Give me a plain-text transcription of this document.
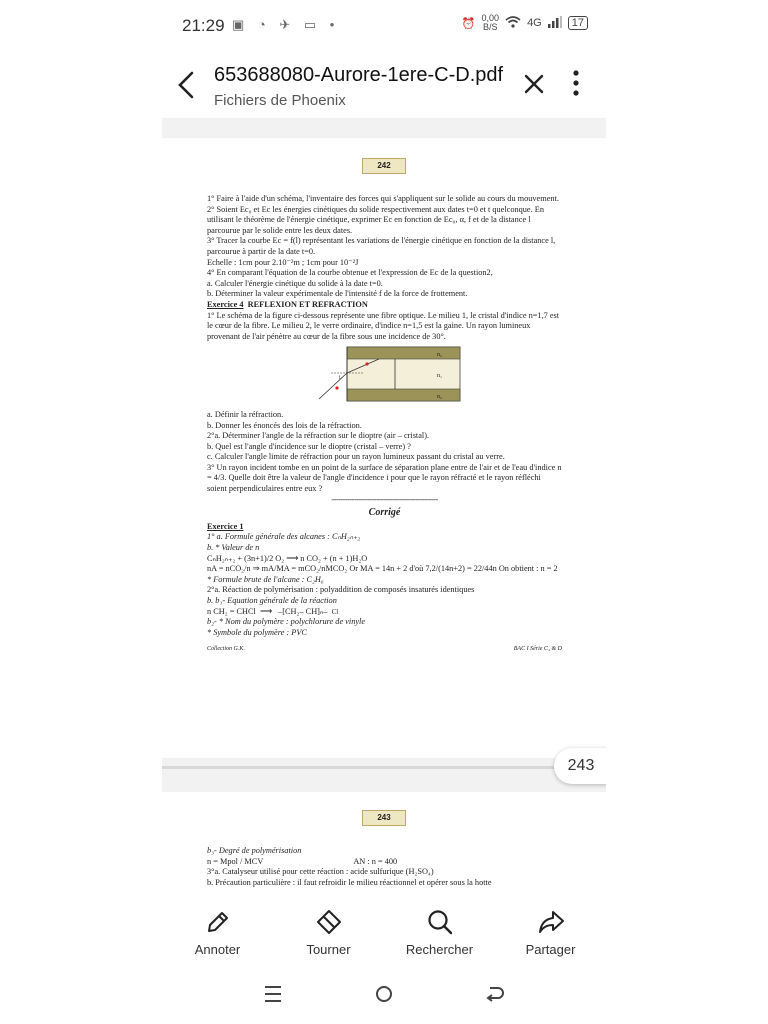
21:29 ▣ ◔ ✈ ▭ •	⏰ 0,00
B/S	4G	17
653688080-Aurore-1ere-C-D.pdf
Fichiers de Phoenix
242

1° Faire à l'aide d'un schéma, l'inventaire des forces qui s'appliquent sur le solide au cours du mouvement.

2° Soient Ec₀ et Ec les énergies cinétiques du solide respectivement aux dates t=0 et t quelconque. En utilisant le théorème de l'énergie cinétique, exprimer Ec en fonction de Ec₀, α, f et de la distance l parcourue par le solide entre les deux dates.

3° Tracer la courbe Ec = f(l) représentant les variations de l'énergie cinétique en fonction de la distance l, parcourue à partir de la date t=0.

Echelle : 1cm pour 2.10⁻²m ; 1cm pour 10⁻²J

4° En comparant l'équation de la courbe obtenue et l'expression de Ec de la question2,

a. Calculer l'énergie cinétique du solide à la date t=0.

b. Déterminer la valeur expérimentale de l'intensité f de la force de frottement.

Exercice 4 REFLEXION ET REFRACTION

1° Le schéma de la figure ci-dessous représente une fibre optique. Le milieu 1, le cristal d'indice n=1,7 est le cœur de la fibre. Le milieu 2, le verre ordinaire, d'indice n=1,5 est la gaine. Un rayon lumineux provenant de l'air pénètre au cœur de la fibre sous une incidence de 30°.

i
n₂
n₁
n₂

a. Définir la réfraction.

b. Donner les énoncés des lois de la réfraction.

2°a. Déterminer l'angle de la réfraction sur le dioptre (air – cristal).

b. Quel est l'angle d'incidence sur le dioptre (cristal – verre) ?

c. Calculer l'angle limite de réfraction pour un rayon lumineux passant du cristal au verre.

3° Un rayon incident tombe en un point de la surface de séparation plane entre de l'air et de l'eau d'indice n = 4/3. Quelle doit être la valeur de l'angle d'incidence i pour que le rayon réfracté et le rayon réfléchi soient perpendiculaires entre eux ?

-----------------------------------------------

Corrigé

Exercice 1

1° a. Formule générale des alcanes : CₙH₂ₙ₊₂

b. * Valeur de n

CₙH₂ₙ₊₂ + (3n+1)/2 O₂ ⟶ n CO₂ + (n + 1)H₂O

nA = nCO₂/n ⇒ mA/MA = mCO₂/nMCO₂ Or MA = 14n + 2 d'où 7,2/(14n+2) = 22/44n On obtient : n = 2

* Formule brute de l'alcane : C₂H₆

2°a. Réaction de polymérisation : polyaddition de composés insaturés identiques

b. b₁- Equation générale de la réaction

n CH₂ = CHCl  ⟶   –[CH₂– CH]ₙ– Cl

b₂- * Nom du polymère : polychlorure de vinyle

* Symbole du polymère : PVC

Collection G.K.	BAC I Série C₄ & D

243
243

b₃- Degré de polymérisation

n = Mpol / MCV	AN : n = 400

3°a. Catalyseur utilisé pour cette réaction : acide sulfurique (H₂SO₄)

b. Précaution particulière : il faut refroidir le milieu réactionnel et opérer sous la hotte

Annoter	Tourner	Rechercher	Partager
